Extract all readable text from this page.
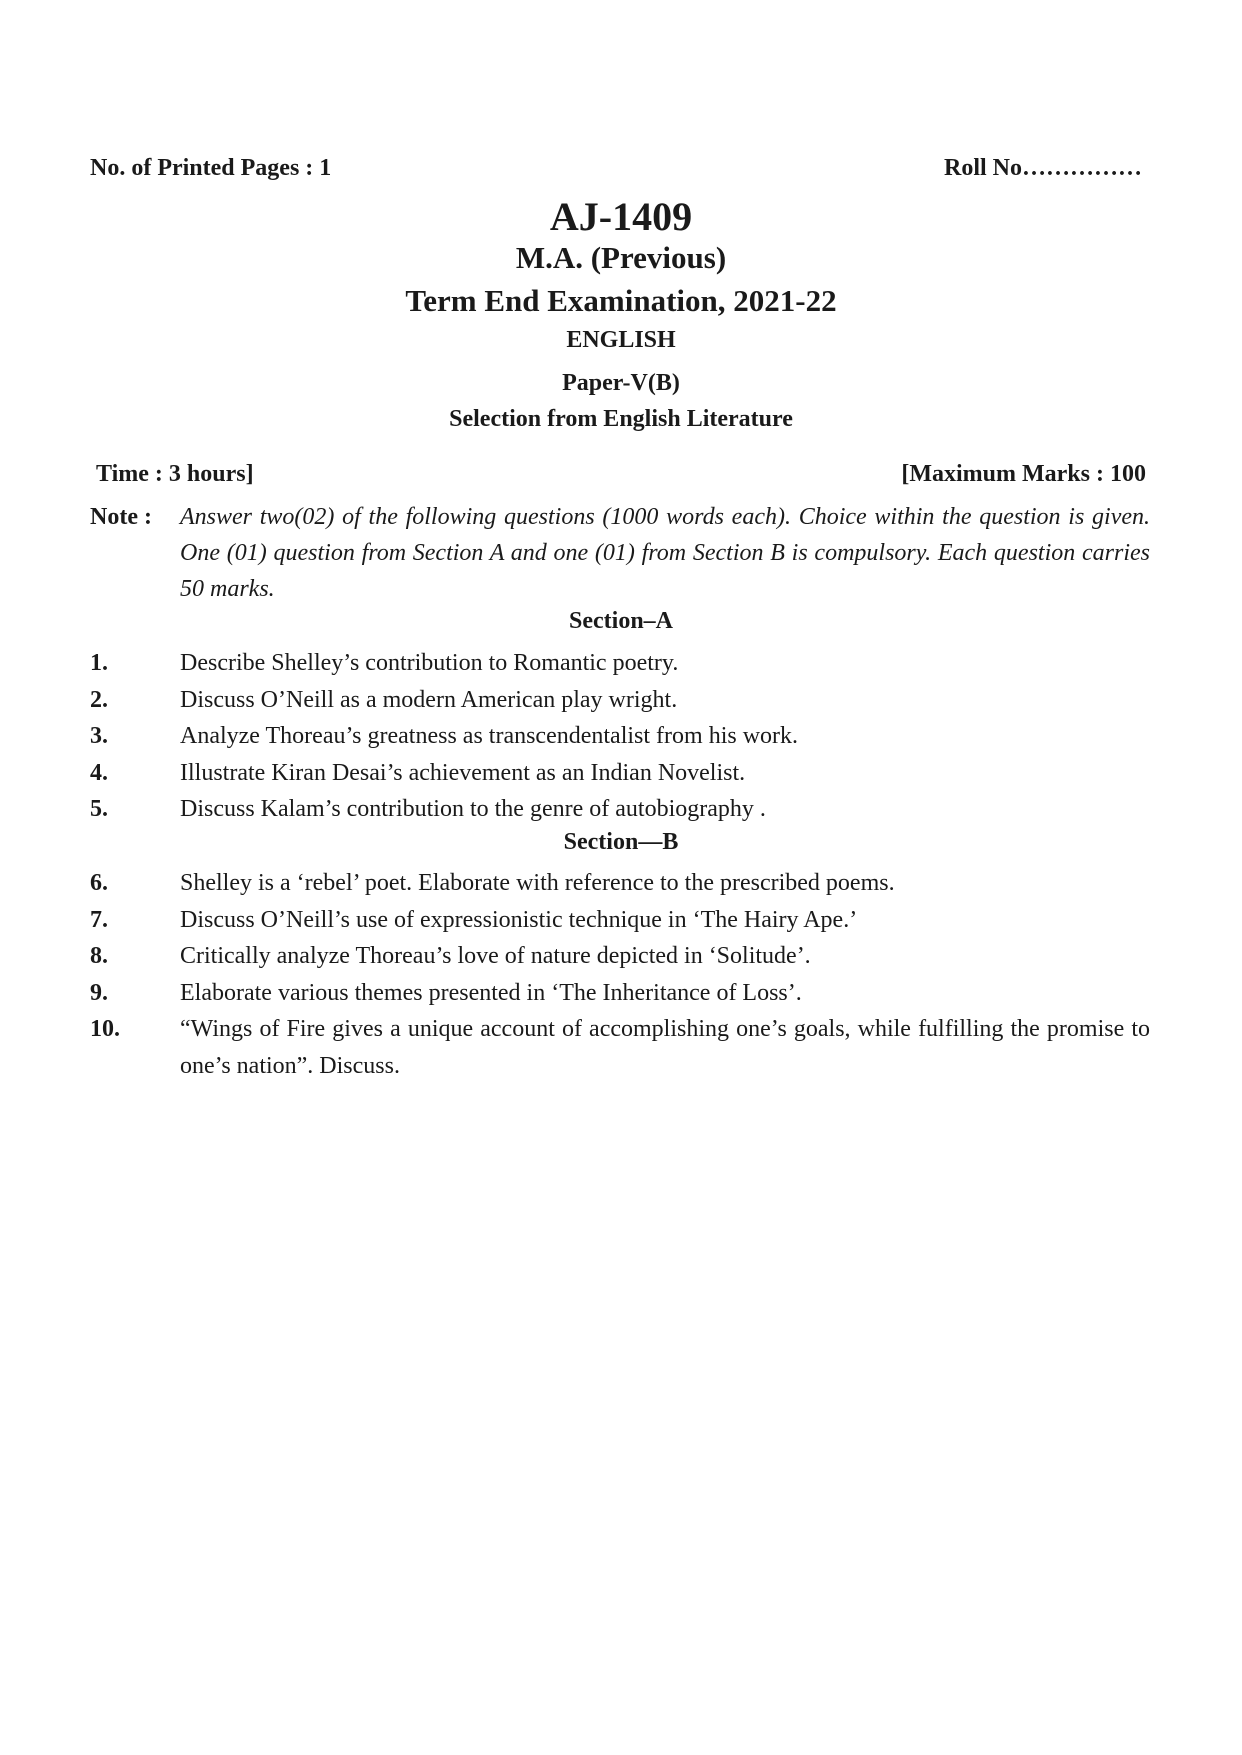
No. of Printed Pages : 1	Roll No……………
AJ-1409
M.A. (Previous)
Term End Examination, 2021-22
ENGLISH
Paper-V(B)
Selection from English Literature
Time : 3 hours]	[Maximum Marks : 100
Note :	Answer two(02) of the following questions (1000 words each). Choice within the question is given. One (01) question from Section A and one (01) from Section B is compulsory. Each question carries 50 marks.
Section–A
1.	Describe Shelley’s contribution to Romantic poetry.
2.	Discuss O’Neill as a modern American play wright.
3.	Analyze Thoreau’s greatness as transcendentalist from his work.
4.	Illustrate Kiran Desai’s achievement as an Indian Novelist.
5.	Discuss Kalam’s contribution to the genre of autobiography .
Section—B
6.	Shelley is a ‘rebel’ poet. Elaborate with reference to the prescribed poems.
7.	Discuss O’Neill’s use of expressionistic technique in ‘The Hairy Ape.’
8.	Critically analyze Thoreau’s love of nature depicted in ‘Solitude’.
9.	Elaborate various themes presented in ‘The Inheritance of Loss’.
10.	“Wings of Fire gives a unique account of accomplishing one’s goals, while fulfilling the promise to one’s nation”. Discuss.
